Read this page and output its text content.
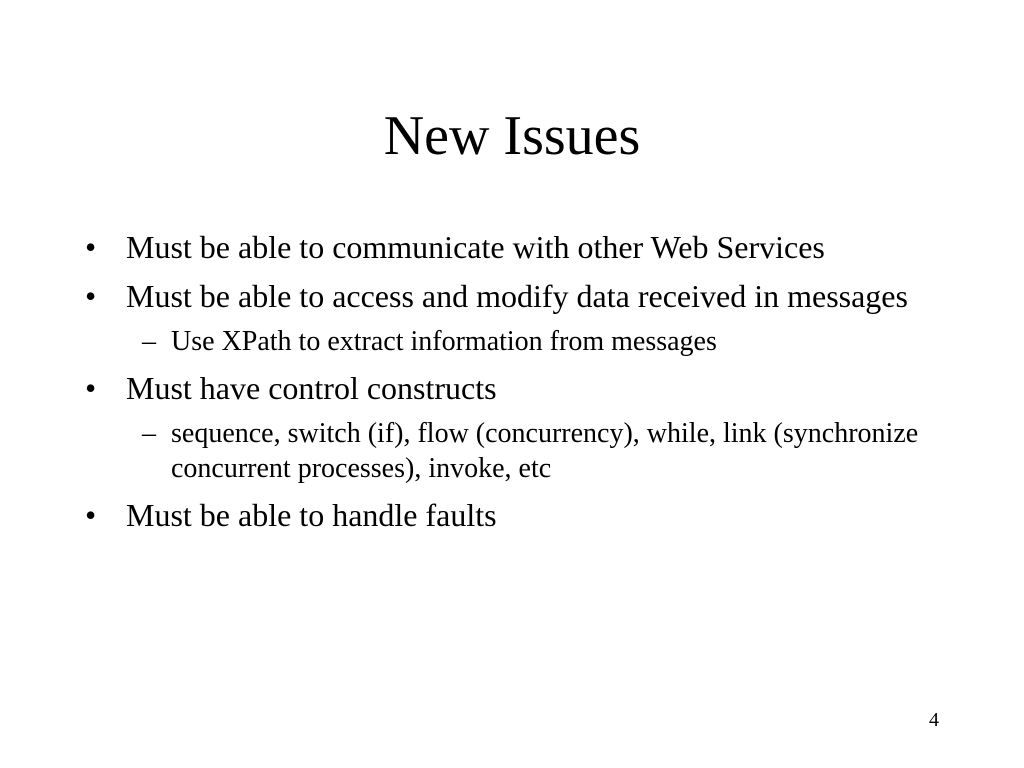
New Issues
• Must be able to communicate with other Web Services
• Must be able to access and modify data received in messages
– Use XPath to extract information from messages
• Must have control constructs
– sequence, switch (if), flow (concurrency), while, link (synchronize concurrent processes), invoke, etc
• Must be able to handle faults
4
